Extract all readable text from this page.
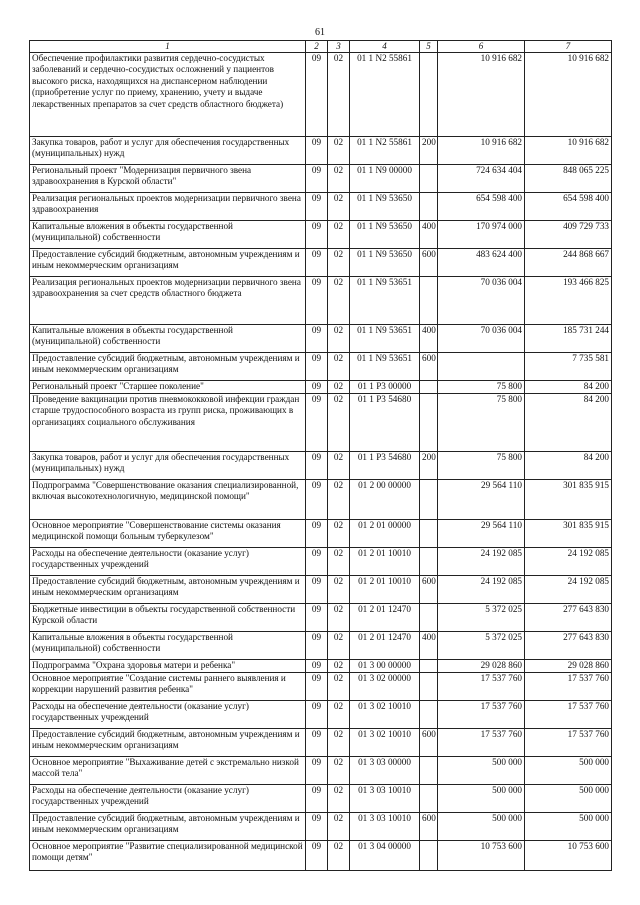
61
1	2	3	4	5	6	7
Обеспечение профилактики развития сердечно-сосудистых заболеваний и сердечно-сосудистых осложнений у пациентов высокого риска, находящихся на диспансерном наблюдении (приобретение услуг по приему, хранению, учету и выдаче лекарственных препаратов за счет средств областного бюджета)	09	02	01 1 N2 55861		10 916 682	10 916 682
Закупка товаров, работ и услуг для обеспечения государственных (муниципальных) нужд	09	02	01 1 N2 55861	200	10 916 682	10 916 682
Региональный проект "Модернизация первичного звена здравоохранения в Курской области"	09	02	01 1 N9 00000		724 634 404	848 065 225
Реализация региональных проектов модернизации первичного звена здравоохранения	09	02	01 1 N9 53650		654 598 400	654 598 400
Капитальные вложения в объекты государственной (муниципальной) собственности	09	02	01 1 N9 53650	400	170 974 000	409 729 733
Предоставление субсидий бюджетным, автономным учреждениям и иным некоммерческим организациям	09	02	01 1 N9 53650	600	483 624 400	244 868 667
Реализация региональных проектов модернизации первичного звена здравоохранения за счет средств областного бюджета	09	02	01 1 N9 53651		70 036 004	193 466 825
Капитальные вложения в объекты государственной (муниципальной) собственности	09	02	01 1 N9 53651	400	70 036 004	185 731 244
Предоставление субсидий бюджетным, автономным учреждениям и иным некоммерческим организациям	09	02	01 1 N9 53651	600		7 735 581
Региональный проект "Старшее поколение"	09	02	01 1 P3 00000		75 800	84 200
Проведение вакцинации против пневмококковой инфекции граждан старше трудоспособного возраста из групп риска, проживающих в организациях социального обслуживания	09	02	01 1 P3 54680		75 800	84 200
Закупка товаров, работ и услуг для обеспечения государственных (муниципальных) нужд	09	02	01 1 P3 54680	200	75 800	84 200
Подпрограмма "Совершенствование оказания специализированной, включая высокотехнологичную, медицинской помощи"	09	02	01 2 00 00000		29 564 110	301 835 915
Основное мероприятие "Совершенствование системы оказания медицинской помощи больным туберкулезом"	09	02	01 2 01 00000		29 564 110	301 835 915
Расходы на обеспечение деятельности (оказание услуг) государственных учреждений	09	02	01 2 01 10010		24 192 085	24 192 085
Предоставление субсидий бюджетным, автономным учреждениям и иным некоммерческим организациям	09	02	01 2 01 10010	600	24 192 085	24 192 085
Бюджетные инвестиции в объекты государственной собственности Курской области	09	02	01 2 01 12470		5 372 025	277 643 830
Капитальные вложения в объекты государственной (муниципальной) собственности	09	02	01 2 01 12470	400	5 372 025	277 643 830
Подпрограмма "Охрана здоровья матери и ребенка"	09	02	01 3 00 00000		29 028 860	29 028 860
Основное мероприятие "Создание системы раннего выявления и коррекции нарушений развития ребенка"	09	02	01 3 02 00000		17 537 760	17 537 760
Расходы на обеспечение деятельности (оказание услуг) государственных учреждений	09	02	01 3 02 10010		17 537 760	17 537 760
Предоставление субсидий бюджетным, автономным учреждениям и иным некоммерческим организациям	09	02	01 3 02 10010	600	17 537 760	17 537 760
Основное мероприятие "Выхаживание детей с экстремально низкой массой тела"	09	02	01 3 03 00000		500 000	500 000
Расходы на обеспечение деятельности (оказание услуг) государственных учреждений	09	02	01 3 03 10010		500 000	500 000
Предоставление субсидий бюджетным, автономным учреждениям и иным некоммерческим организациям	09	02	01 3 03 10010	600	500 000	500 000
Основное мероприятие "Развитие специализированной медицинской помощи детям"	09	02	01 3 04 00000		10 753 600	10 753 600
